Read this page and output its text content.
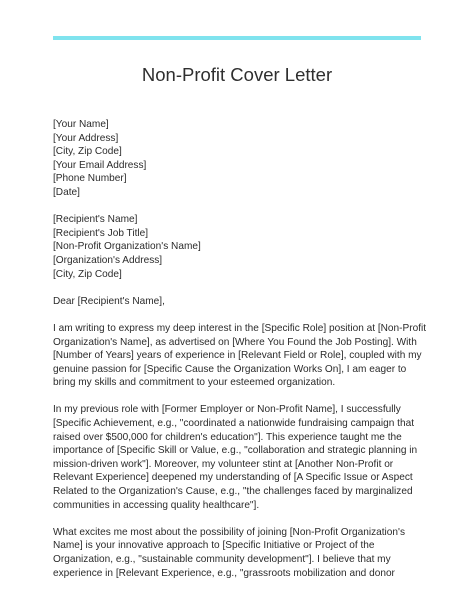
Non-Profit Cover Letter
[Your Name]
[Your Address]
[City, Zip Code]
[Your Email Address]
[Phone Number]
[Date]
[Recipient's Name]
[Recipient's Job Title]
[Non-Profit Organization's Name]
[Organization's Address]
[City, Zip Code]
Dear [Recipient's Name],
I am writing to express my deep interest in the [Specific Role] position at [Non-Profit
Organization's Name], as advertised on [Where You Found the Job Posting]. With
[Number of Years] years of experience in [Relevant Field or Role], coupled with my
genuine passion for [Specific Cause the Organization Works On], I am eager to
bring my skills and commitment to your esteemed organization.
In my previous role with [Former Employer or Non-Profit Name], I successfully
[Specific Achievement, e.g., "coordinated a nationwide fundraising campaign that
raised over $500,000 for children's education"]. This experience taught me the
importance of [Specific Skill or Value, e.g., "collaboration and strategic planning in
mission-driven work"]. Moreover, my volunteer stint at [Another Non-Profit or
Relevant Experience] deepened my understanding of [A Specific Issue or Aspect
Related to the Organization's Cause, e.g., "the challenges faced by marginalized
communities in accessing quality healthcare"].
What excites me most about the possibility of joining [Non-Profit Organization's
Name] is your innovative approach to [Specific Initiative or Project of the
Organization, e.g., "sustainable community development"]. I believe that my
experience in [Relevant Experience, e.g., "grassroots mobilization and donor
